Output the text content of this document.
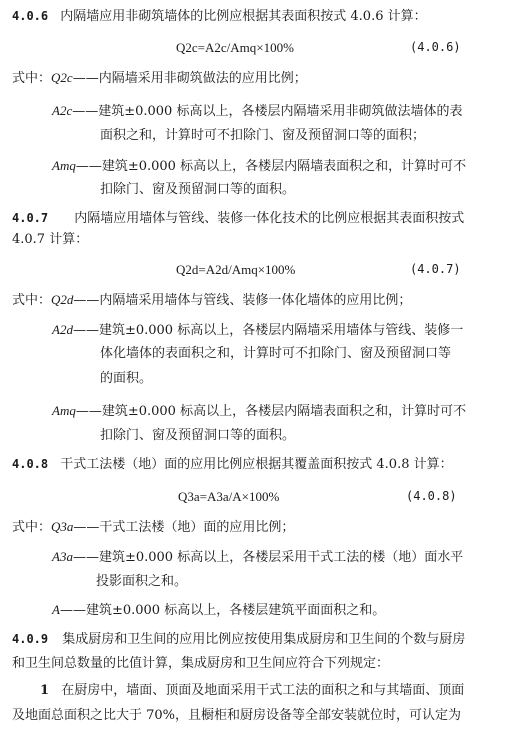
4.0.6 内隔墙应用非砌筑墙体的比例应根据其表面积按式 4.0.6 计算：
Q2c=A2c/Amq×100%	(4.0.6)
式中：Q2c——内隔墙采用非砌筑做法的应用比例；
A2c——建筑±0.000 标高以上，各楼层内隔墙采用非砌筑做法墙体的表
面积之和，计算时可不扣除门、窗及预留洞口等的面积；
Amq——建筑±0.000 标高以上，各楼层内隔墙表面积之和，计算时可不
扣除门、窗及预留洞口等的面积。
4.0.7 内隔墙应用墙体与管线、装修一体化技术的比例应根据其表面积按式
4.0.7 计算：
Q2d=A2d/Amq×100%	(4.0.7)
式中：Q2d——内隔墙采用墙体与管线、装修一体化墙体的应用比例；
A2d——建筑±0.000 标高以上，各楼层内隔墙采用墙体与管线、装修一
体化墙体的表面积之和，计算时可不扣除门、窗及预留洞口等
的面积。
Amq——建筑±0.000 标高以上，各楼层内隔墙表面积之和，计算时可不
扣除门、窗及预留洞口等的面积。
4.0.8 干式工法楼（地）面的应用比例应根据其覆盖面积按式 4.0.8 计算：
Q3a=A3a/A×100%	(4.0.8)
式中：Q3a——干式工法楼（地）面的应用比例；
A3a——建筑±0.000 标高以上，各楼层采用干式工法的楼（地）面水平
投影面积之和。
A——建筑±0.000 标高以上，各楼层建筑平面面积之和。
4.0.9 集成厨房和卫生间的应用比例应按使用集成厨房和卫生间的个数与厨房
和卫生间总数量的比值计算，集成厨房和卫生间应符合下列规定：
1 在厨房中，墙面、顶面及地面采用干式工法的面积之和与其墙面、顶面
及地面总面积之比大于 70%，且橱柜和厨房设备等全部安装就位时，可认定为
